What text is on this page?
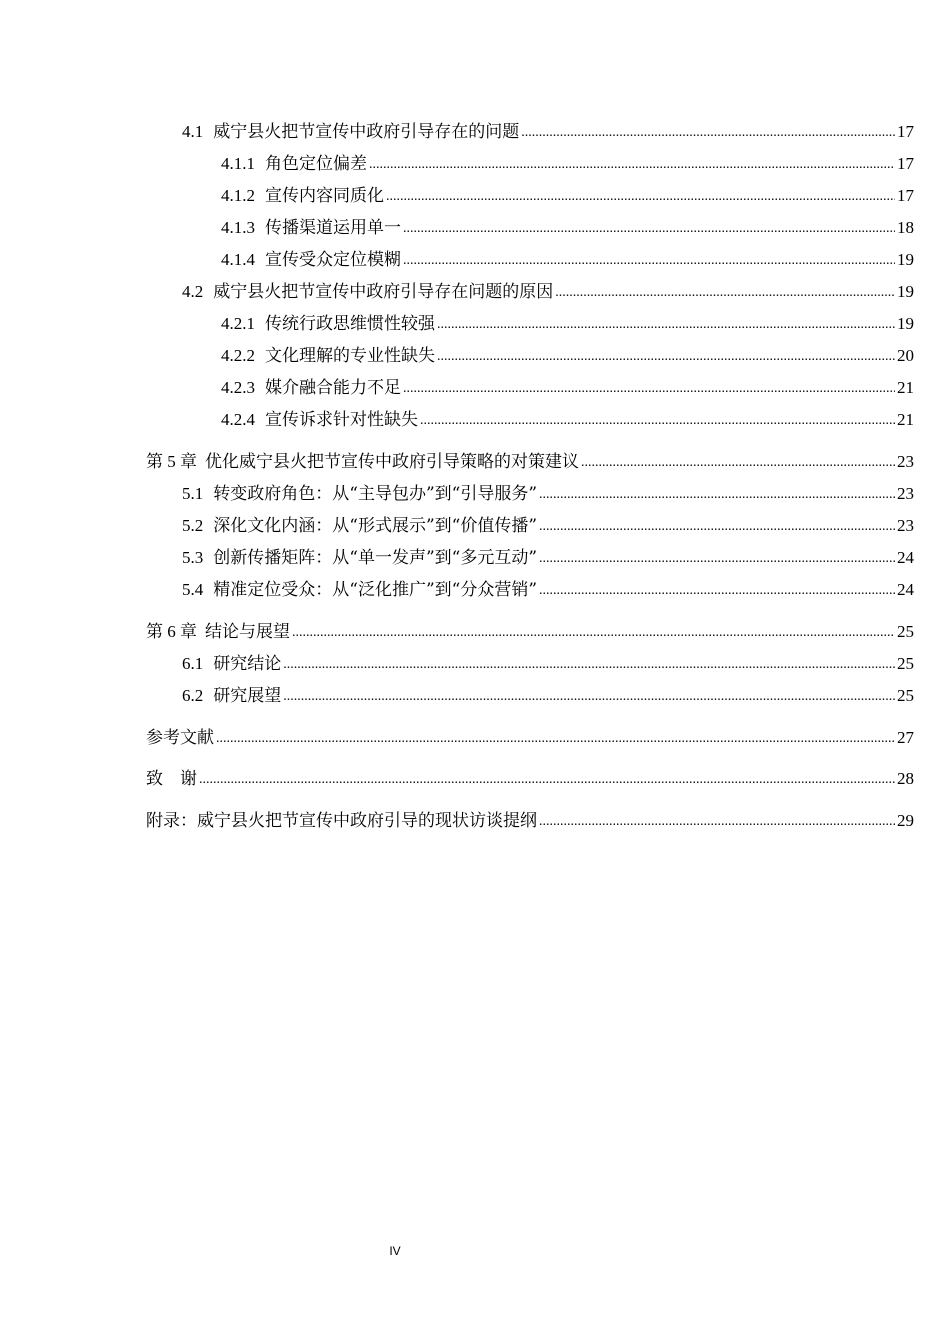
4.1 威宁县火把节宣传中政府引导存在的问题 .....	17
4.1.1 角色定位偏差 .....	17
4.1.2 宣传内容同质化 .....	17
4.1.3 传播渠道运用单一 .....	18
4.1.4 宣传受众定位模糊 .....	19
4.2 威宁县火把节宣传中政府引导存在问题的原因 .....	19
4.2.1 传统行政思维惯性较强 .....	19
4.2.2 文化理解的专业性缺失 .....	20
4.2.3 媒介融合能力不足 .....	21
4.2.4 宣传诉求针对性缺失 .....	21
第 5 章 优化威宁县火把节宣传中政府引导策略的对策建议 .....	23
5.1 转变政府角色：从“主导包办”到“引导服务” .....	23
5.2 深化文化内涵：从“形式展示”到“价值传播” .....	23
5.3 创新传播矩阵：从“单一发声”到“多元互动” .....	24
5.4 精准定位受众：从“泛化推广”到“分众营销” .....	24
第 6 章 结论与展望 .....	25
6.1 研究结论 .....	25
6.2 研究展望 .....	25
参考文献 .....	27
致　谢 .....	28
附录：威宁县火把节宣传中政府引导的现状访谈提纲 .....	29
IV
